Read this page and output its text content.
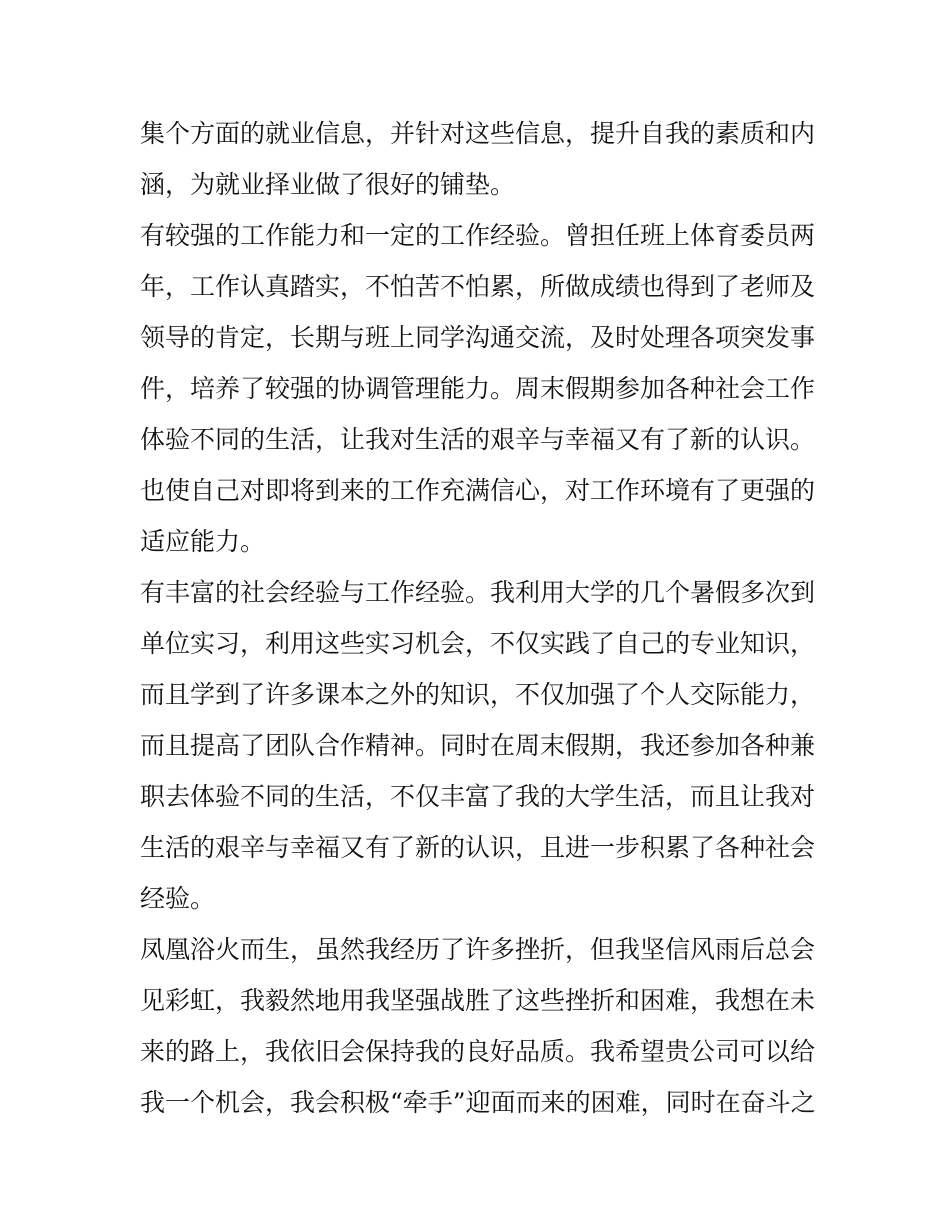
集个方面的就业信息，并针对这些信息，提升自我的素质和内
涵，为就业择业做了很好的铺垫。
有较强的工作能力和一定的工作经验。曾担任班上体育委员两
年，工作认真踏实，不怕苦不怕累，所做成绩也得到了老师及
领导的肯定，长期与班上同学沟通交流，及时处理各项突发事
件，培养了较强的协调管理能力。周末假期参加各种社会工作
体验不同的生活，让我对生活的艰辛与幸福又有了新的认识。
也使自己对即将到来的工作充满信心，对工作环境有了更强的
适应能力。
有丰富的社会经验与工作经验。我利用大学的几个暑假多次到
单位实习，利用这些实习机会，不仅实践了自己的专业知识，
而且学到了许多课本之外的知识，不仅加强了个人交际能力，
而且提高了团队合作精神。同时在周末假期，我还参加各种兼
职去体验不同的生活，不仅丰富了我的大学生活，而且让我对
生活的艰辛与幸福又有了新的认识，且进一步积累了各种社会
经验。
凤凰浴火而生，虽然我经历了许多挫折，但我坚信风雨后总会
见彩虹，我毅然地用我坚强战胜了这些挫折和困难，我想在未
来的路上，我依旧会保持我的良好品质。我希望贵公司可以给
我一个机会，我会积极“牵手”迎面而来的困难，同时在奋斗之
